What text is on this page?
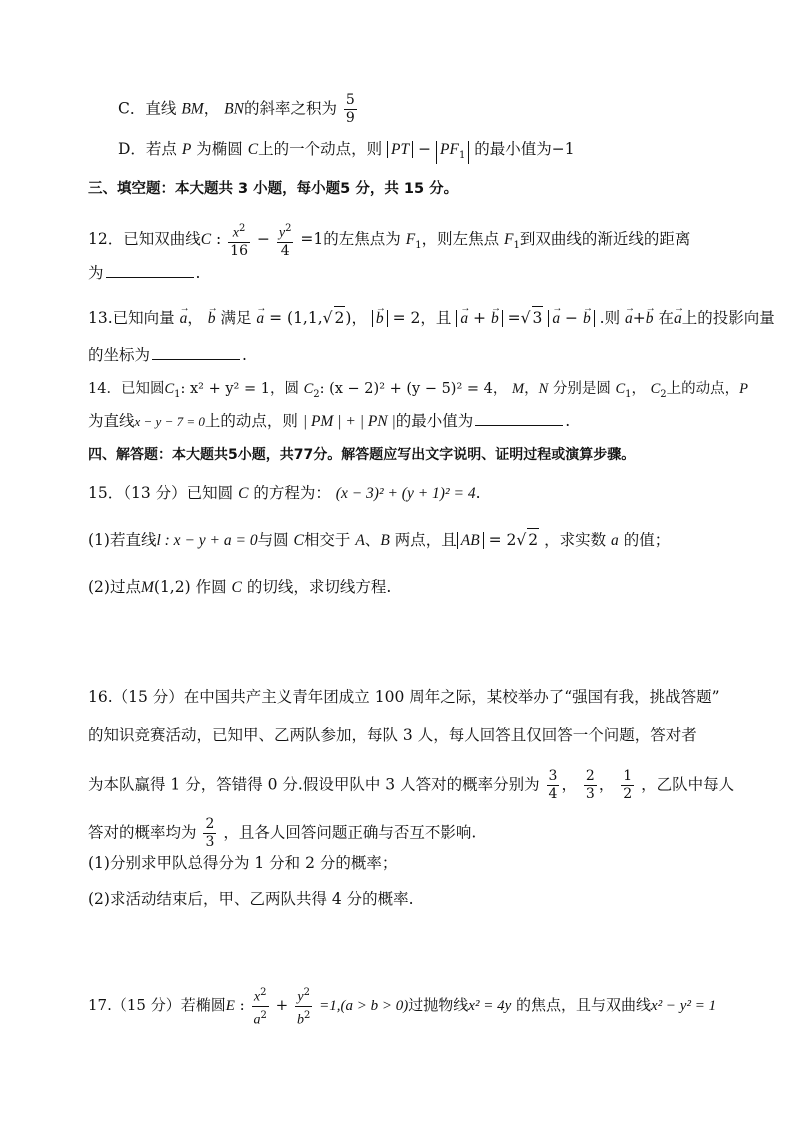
C．直线 BM， BN的斜率之积为 $\frac{5}{9}$
D．若点 P 为椭圆 C上的一个动点，则 PT − $PF_1$ 的最小值为−1
三、填空题：本大题共 3 小题，每小题5 分，共 15 分。
12．已知双曲线C : $\frac{x^2}{16} - \frac{y^2}{4} =1$的左焦点为 $F_1$，则左焦点 $F_1$到双曲线的渐近线的距离
为	.
13.已知向量 → a， → b 满足 → a = (1,1,√ 2)， → b = 2，且 → a + → b =√ 3 → a − → b .则 → a+→ b 在→ a上的投影向量
的坐标为	.
14．已知圆$C_1$: x² + y² = 1，圆 $C_2$: (x − 2)² + (y − 5)² = 4， M，N 分别是圆 $C_1$， $C_2$上的动点，P
为直线x − y − 7 = 0上的动点，则 | PM | + | PN |的最小值为	.
四、解答题：本大题共5小题，共77分。解答题应写出文字说明、证明过程或演算步骤。
15．（13 分）已知圆 C 的方程为： (x − 3)² + (y + 1)² = 4.
(1)若直线l : x − y + a = 0与圆 C相交于 A、B 两点，且 AB = 2√ 2 ，求实数 a 的值；
(2)过点M(1,2) 作圆 C 的切线，求切线方程.
16.（15 分）在中国共产主义青年团成立 100 周年之际，某校举办了“强国有我，挑战答题”
的知识竞赛活动，已知甲、乙两队参加，每队 3 人，每人回答且仅回答一个问题，答对者
为本队赢得 1 分，答错得 0 分.假设甲队中 3 人答对的概率分别为 $\frac{3}{4}$ ， $\frac{2}{3}$ ， $\frac{1}{2}$ ，乙队中每人
答对的概率均为 $\frac{2}{3}$ ，且各人回答问题正确与否互不影响.
(1)分别求甲队总得分为 1 分和 2 分的概率；
(2)求活动结束后，甲、乙两队共得 4 分的概率.
17.（15 分）若椭圆E : $\frac{x^2}{a^2} + \frac{y^2}{b^2} =1,(a > b > 0)$过抛物线x² = 4y 的焦点，且与双曲线x² − y² = 1
